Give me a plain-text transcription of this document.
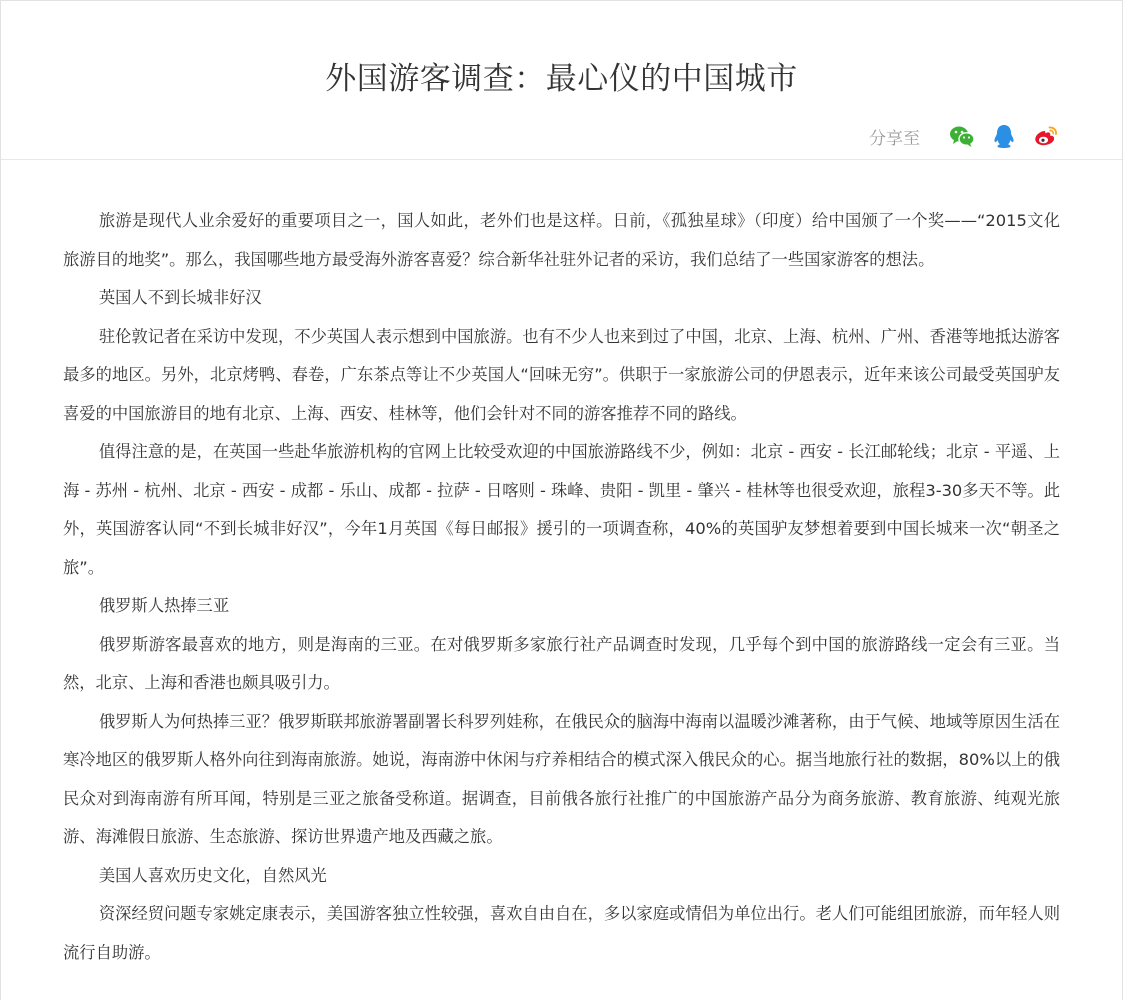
外国游客调查：最心仪的中国城市
分享至

旅游是现代人业余爱好的重要项目之一，国人如此，老外们也是这样。日前，《孤独星球》（印度）给中国颁了一个奖——“2015文化旅游目的地奖”。那么，我国哪些地方最受海外游客喜爱？综合新华社驻外记者的采访，我们总结了一些国家游客的想法。

英国人不到长城非好汉

驻伦敦记者在采访中发现，不少英国人表示想到中国旅游。也有不少人也来到过了中国，北京、上海、杭州、广州、香港等地抵达游客最多的地区。另外，北京烤鸭、春卷，广东茶点等让不少英国人“回味无穷”。供职于一家旅游公司的伊恩表示，近年来该公司最受英国驴友喜爱的中国旅游目的地有北京、上海、西安、桂林等，他们会针对不同的游客推荐不同的路线。

值得注意的是，在英国一些赴华旅游机构的官网上比较受欢迎的中国旅游路线不少，例如：北京 - 西安 - 长江邮轮线；北京 - 平遥、上海 - 苏州 - 杭州、北京 - 西安 - 成都 - 乐山、成都 - 拉萨 - 日喀则 - 珠峰、贵阳 - 凯里 - 肇兴 - 桂林等也很受欢迎，旅程3-30多天不等。此外，英国游客认同“不到长城非好汉”，今年1月英国《每日邮报》援引的一项调查称，40%的英国驴友梦想着要到中国长城来一次“朝圣之旅”。

俄罗斯人热捧三亚

俄罗斯游客最喜欢的地方，则是海南的三亚。在对俄罗斯多家旅行社产品调查时发现，几乎每个到中国的旅游路线一定会有三亚。当然，北京、上海和香港也颇具吸引力。

俄罗斯人为何热捧三亚？俄罗斯联邦旅游署副署长科罗列娃称，在俄民众的脑海中海南以温暖沙滩著称，由于气候、地域等原因生活在寒冷地区的俄罗斯人格外向往到海南旅游。她说，海南游中休闲与疗养相结合的模式深入俄民众的心。据当地旅行社的数据，80%以上的俄民众对到海南游有所耳闻，特别是三亚之旅备受称道。据调查，目前俄各旅行社推广的中国旅游产品分为商务旅游、教育旅游、纯观光旅游、海滩假日旅游、生态旅游、探访世界遗产地及西藏之旅。

美国人喜欢历史文化，自然风光

资深经贸问题专家姚定康表示，美国游客独立性较强，喜欢自由自在，多以家庭或情侣为单位出行。老人们可能组团旅游，而年轻人则流行自助游。
